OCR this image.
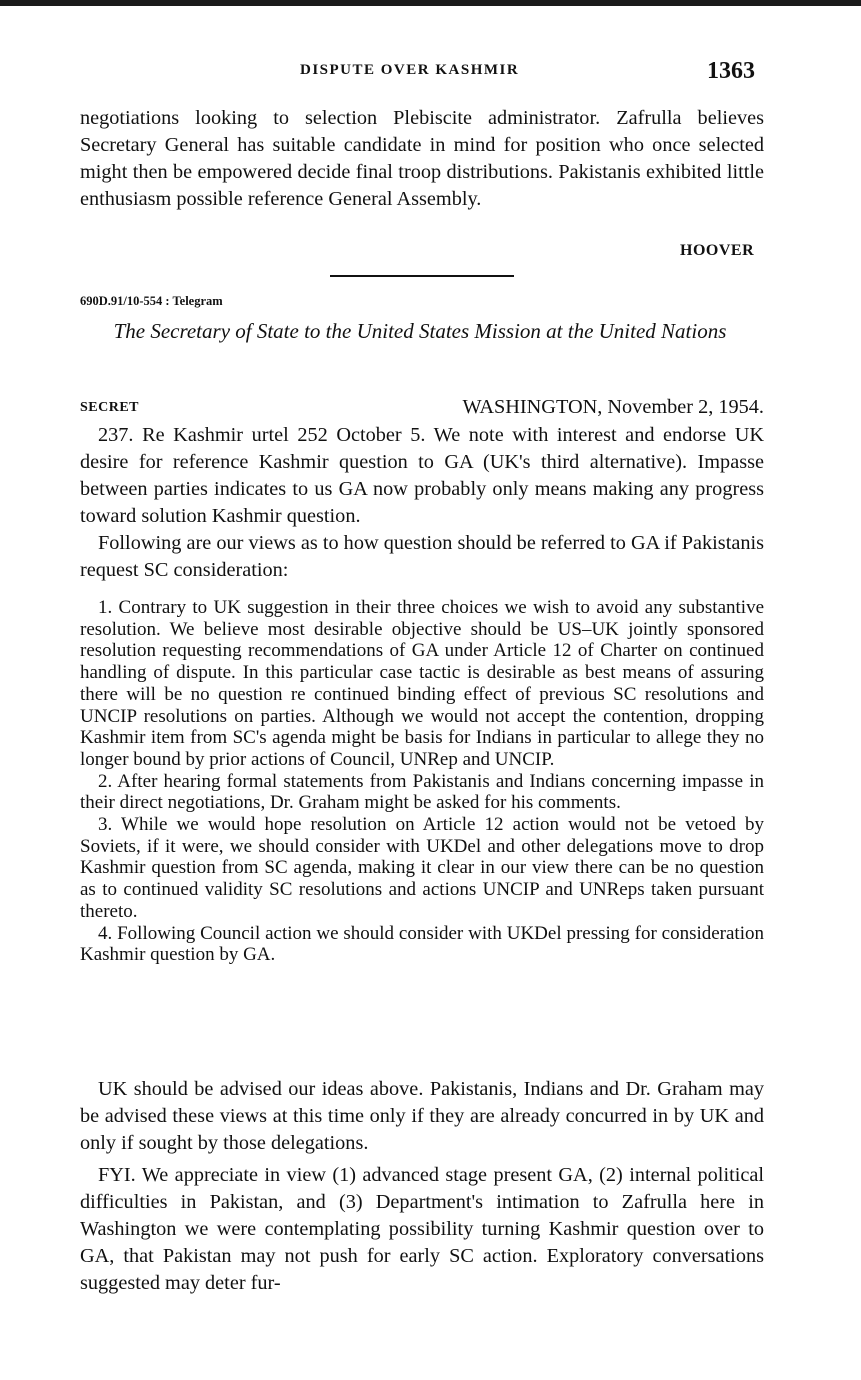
DISPUTE OVER KASHMIR	1363

negotiations looking to selection Plebiscite administrator. Zafrulla believes Secretary General has suitable candidate in mind for position who once selected might then be empowered decide final troop distributions. Pakistanis exhibited little enthusiasm possible reference General Assembly.

HOOVER
690D.91/10-554 : Telegram

The Secretary of State to the United States Mission at the United Nations

SECRET	WASHINGTON, November 2, 1954.

237. Re Kashmir urtel 252 October 5. We note with interest and endorse UK desire for reference Kashmir question to GA (UK's third alternative). Impasse between parties indicates to us GA now probably only means making any progress toward solution Kashmir question.

Following are our views as to how question should be referred to GA if Pakistanis request SC consideration:

1. Contrary to UK suggestion in their three choices we wish to avoid any substantive resolution. We believe most desirable objective should be US–UK jointly sponsored resolution requesting recommendations of GA under Article 12 of Charter on continued handling of dispute. In this particular case tactic is desirable as best means of assuring there will be no question re continued binding effect of previous SC resolutions and UNCIP resolutions on parties. Although we would not accept the contention, dropping Kashmir item from SC's agenda might be basis for Indians in particular to allege they no longer bound by prior actions of Council, UNRep and UNCIP.

2. After hearing formal statements from Pakistanis and Indians concerning impasse in their direct negotiations, Dr. Graham might be asked for his comments.

3. While we would hope resolution on Article 12 action would not be vetoed by Soviets, if it were, we should consider with UKDel and other delegations move to drop Kashmir question from SC agenda, making it clear in our view there can be no question as to continued validity SC resolutions and actions UNCIP and UNReps taken pursuant thereto.

4. Following Council action we should consider with UKDel pressing for consideration Kashmir question by GA.

UK should be advised our ideas above. Pakistanis, Indians and Dr. Graham may be advised these views at this time only if they are already concurred in by UK and only if sought by those delegations.

FYI. We appreciate in view (1) advanced stage present GA, (2) internal political difficulties in Pakistan, and (3) Department's intimation to Zafrulla here in Washington we were contemplating possibility turning Kashmir question over to GA, that Pakistan may not push for early SC action. Exploratory conversations suggested may deter fur-
